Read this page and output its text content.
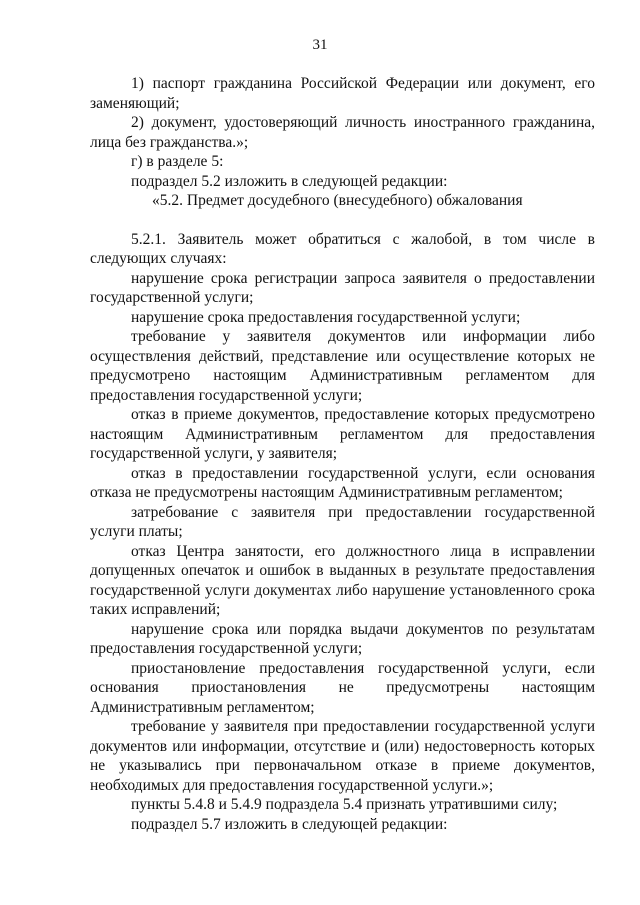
31

1) паспорт гражданина Российской Федерации или документ, его заменяющий;

2) документ, удостоверяющий личность иностранного гражданина, лица без гражданства.»;

г) в разделе 5:

подраздел 5.2 изложить в следующей редакции:

«5.2. Предмет досудебного (внесудебного) обжалования

5.2.1. Заявитель может обратиться с жалобой, в том числе в следующих случаях:

нарушение срока регистрации запроса заявителя о предоставлении государственной услуги;

нарушение срока предоставления государственной услуги;

требование у заявителя документов или информации либо осуществления действий, представление или осуществление которых не предусмотрено настоящим Административным регламентом для предоставления государственной услуги;

отказ в приеме документов, предоставление которых предусмотрено настоящим Административным регламентом для предоставления государственной услуги, у заявителя;

отказ в предоставлении государственной услуги, если основания отказа не предусмотрены настоящим Административным регламентом;

затребование с заявителя при предоставлении государственной услуги платы;

отказ Центра занятости, его должностного лица в исправлении допущенных опечаток и ошибок в выданных в результате предоставления государственной услуги документах либо нарушение установленного срока таких исправлений;

нарушение срока или порядка выдачи документов по результатам предоставления государственной услуги;

приостановление предоставления государственной услуги, если основания приостановления не предусмотрены настоящим Административным регламентом;

требование у заявителя при предоставлении государственной услуги документов или информации, отсутствие и (или) недостоверность которых не указывались при первоначальном отказе в приеме документов, необходимых для предоставления государственной услуги.»;

пункты 5.4.8 и 5.4.9 подраздела 5.4 признать утратившими силу;

подраздел 5.7 изложить в следующей редакции:
